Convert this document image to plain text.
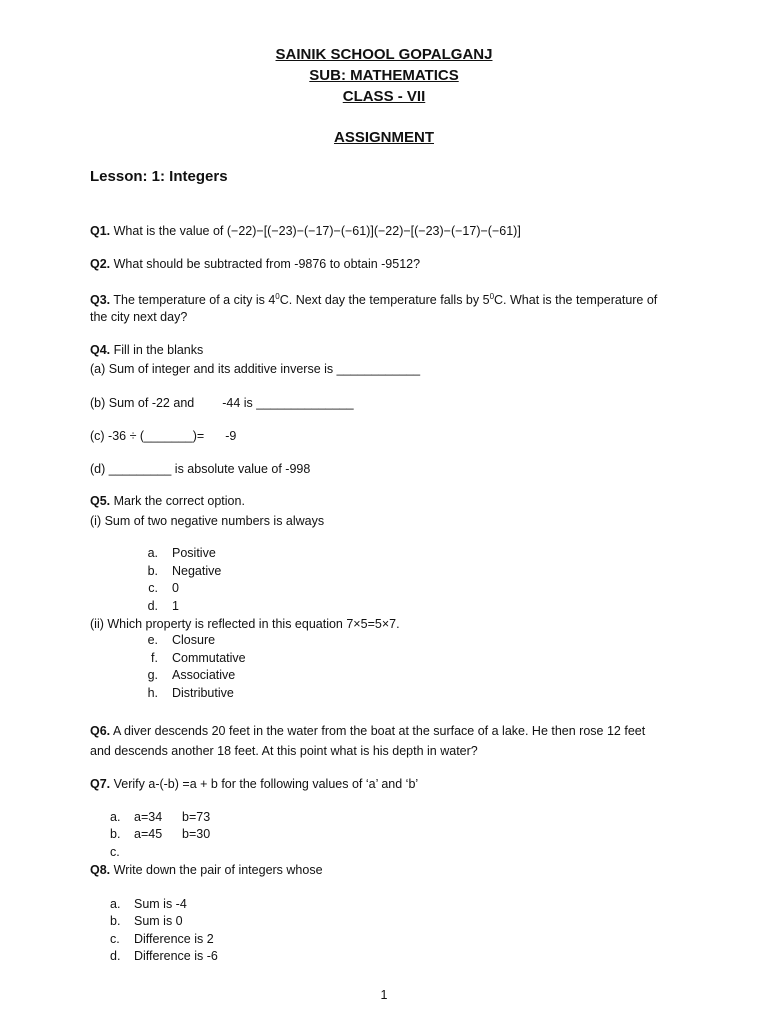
SAINIK SCHOOL GOPALGANJ
SUB: MATHEMATICS
CLASS - VII
ASSIGNMENT
Lesson: 1: Integers
Q1. What is the value of (−22)−[(−23)−(−17)−(−61)](−22)−[(−23)−(−17)−(−61)]
Q2. What should be subtracted from -9876 to obtain -9512?
Q3. The temperature of a city is $4^0C$. Next day the temperature falls by $5^0C$. What is the temperature of
the city next day?
Q4. Fill in the blanks
(a) Sum of integer and its additive inverse is ____________
(b) Sum of -22 and -44 is ______________
(c) -36 ÷ (_______)= -9
(d) _________ is absolute value of -998
Q5. Mark the correct option.
(i) Sum of two negative numbers is always
a. Positive
b. Negative
c. 0
d. 1
(ii) Which property is reflected in this equation 7×5=5×7.
e. Closure
f. Commutative
g. Associative
h. Distributive
Q6. A diver descends 20 feet in the water from the boat at the surface of a lake. He then rose 12 feet
and descends another 18 feet. At this point what is his depth in water?
Q7. Verify a-(-b) =a + b for the following values of ‘a’ and ‘b’
a. a=34 b=73
b. a=45 b=30
c.
Q8. Write down the pair of integers whose
a. Sum is -4
b. Sum is 0
c. Difference is 2
d. Difference is -6
1
